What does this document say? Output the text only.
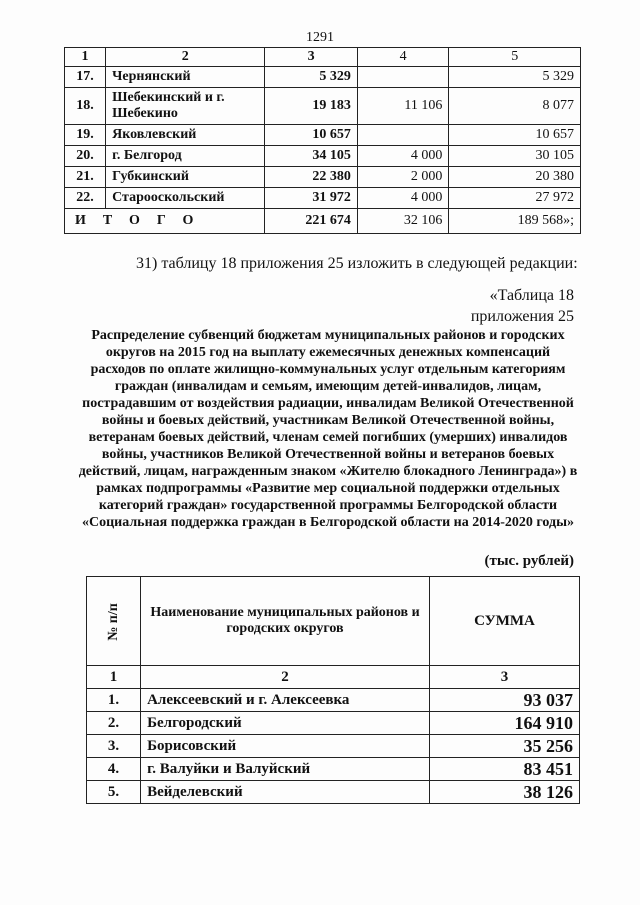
1291
1	2	3	4	5
17.	Чернянский	5 329		5 329
18.	Шебекинский и г. Шебекино	19 183	11 106	8 077
19.	Яковлевский	10 657		10 657
20.	г. Белгород	34 105	4 000	30 105
21.	Губкинский	22 380	2 000	20 380
22.	Старооскольский	31 972	4 000	27 972
ИТОГО		221 674	32 106	189 568»;
31) таблицу 18 приложения 25 изложить в следующей редакции:
«Таблица 18
приложения 25
Распределение субвенций бюджетам муниципальных районов и городских округов на 2015 год на выплату ежемесячных денежных компенсаций расходов по оплате жилищно-коммунальных услуг отдельным категориям граждан (инвалидам и семьям, имеющим детей-инвалидов, лицам, пострадавшим от воздействия радиации, инвалидам Великой Отечественной войны и боевых действий, участникам Великой Отечественной войны, ветеранам боевых действий, членам семей погибших (умерших) инвалидов войны, участников Великой Отечественной войны и ветеранов боевых действий, лицам, награжденным знаком «Жителю блокадного Ленинграда») в рамках подпрограммы «Развитие мер социальной поддержки отдельных категорий граждан» государственной программы Белгородской области «Социальная поддержка граждан в Белгородской области на 2014-2020 годы»
(тыс. рублей)
№ п/п	Наименование муниципальных районов и городских округов	СУММА
1	2	3
1.	Алексеевский и г. Алексеевка	93 037
2.	Белгородский	164 910
3.	Борисовский	35 256
4.	г. Валуйки и Валуйский	83 451
5.	Вейделевский	38 126
